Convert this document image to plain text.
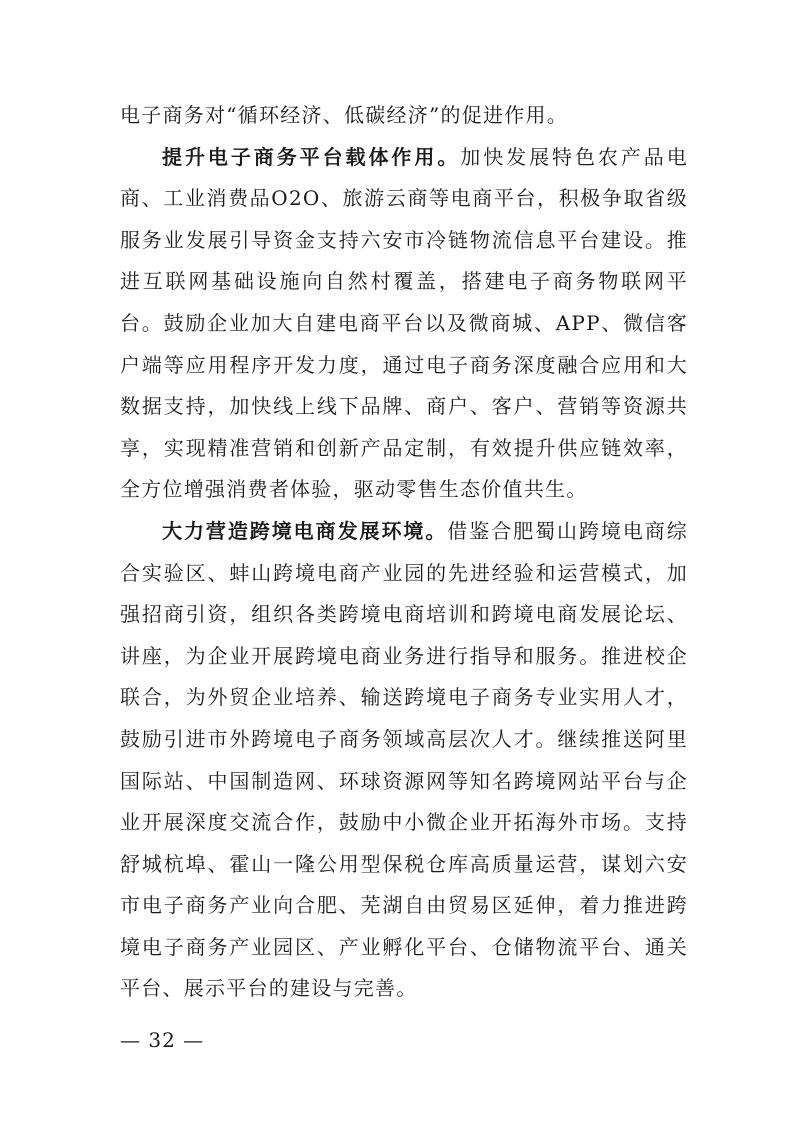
电子商务对“循环经济、低碳经济”的促进作用。

提升电子商务平台载体作用。加快发展特色农产品电商、工业消费品O2O、旅游云商等电商平台，积极争取省级服务业发展引导资金支持六安市冷链物流信息平台建设。推进互联网基础设施向自然村覆盖，搭建电子商务物联网平台。鼓励企业加大自建电商平台以及微商城、APP、微信客户端等应用程序开发力度，通过电子商务深度融合应用和大数据支持，加快线上线下品牌、商户、客户、营销等资源共享，实现精准营销和创新产品定制，有效提升供应链效率，全方位增强消费者体验，驱动零售生态价值共生。

大力营造跨境电商发展环境。借鉴合肥蜀山跨境电商综合实验区、蚌山跨境电商产业园的先进经验和运营模式，加强招商引资，组织各类跨境电商培训和跨境电商发展论坛、讲座，为企业开展跨境电商业务进行指导和服务。推进校企联合，为外贸企业培养、输送跨境电子商务专业实用人才，鼓励引进市外跨境电子商务领域高层次人才。继续推送阿里国际站、中国制造网、环球资源网等知名跨境网站平台与企业开展深度交流合作，鼓励中小微企业开拓海外市场。支持舒城杭埠、霍山一隆公用型保税仓库高质量运营，谋划六安市电子商务产业向合肥、芜湖自由贸易区延伸，着力推进跨境电子商务产业园区、产业孵化平台、仓储物流平台、通关平台、展示平台的建设与完善。

— 32 —
